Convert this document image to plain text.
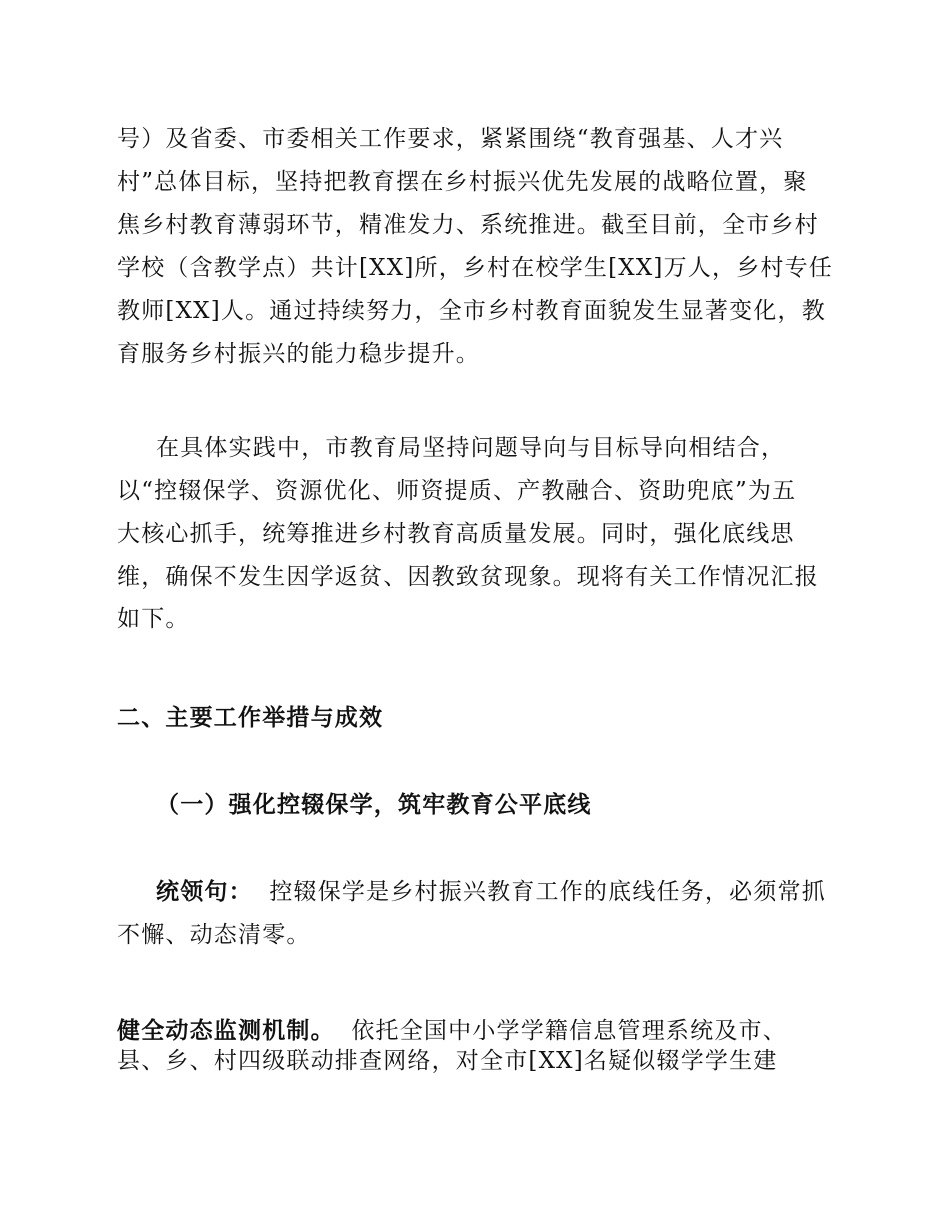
号）及省委、市委相关工作要求，紧紧围绕“教育强基、人才兴
村”总体目标，坚持把教育摆在乡村振兴优先发展的战略位置，聚
焦乡村教育薄弱环节，精准发力、系统推进。截至目前，全市乡村
学校（含教学点）共计[XX]所，乡村在校学生[XX]万人，乡村专任
教师[XX]人。通过持续努力，全市乡村教育面貌发生显著变化，教
育服务乡村振兴的能力稳步提升。
在具体实践中，市教育局坚持问题导向与目标导向相结合，
以“控辍保学、资源优化、师资提质、产教融合、资助兜底”为五
大核心抓手，统筹推进乡村教育高质量发展。同时，强化底线思
维，确保不发生因学返贫、因教致贫现象。现将有关工作情况汇报
如下。
二、主要工作举措与成效
（一）强化控辍保学，筑牢教育公平底线
统领句： 控辍保学是乡村振兴教育工作的底线任务，必须常抓
不懈、动态清零。
健全动态监测机制。 依托全国中小学学籍信息管理系统及市、
县、乡、村四级联动排查网络，对全市[XX]名疑似辍学学生建
